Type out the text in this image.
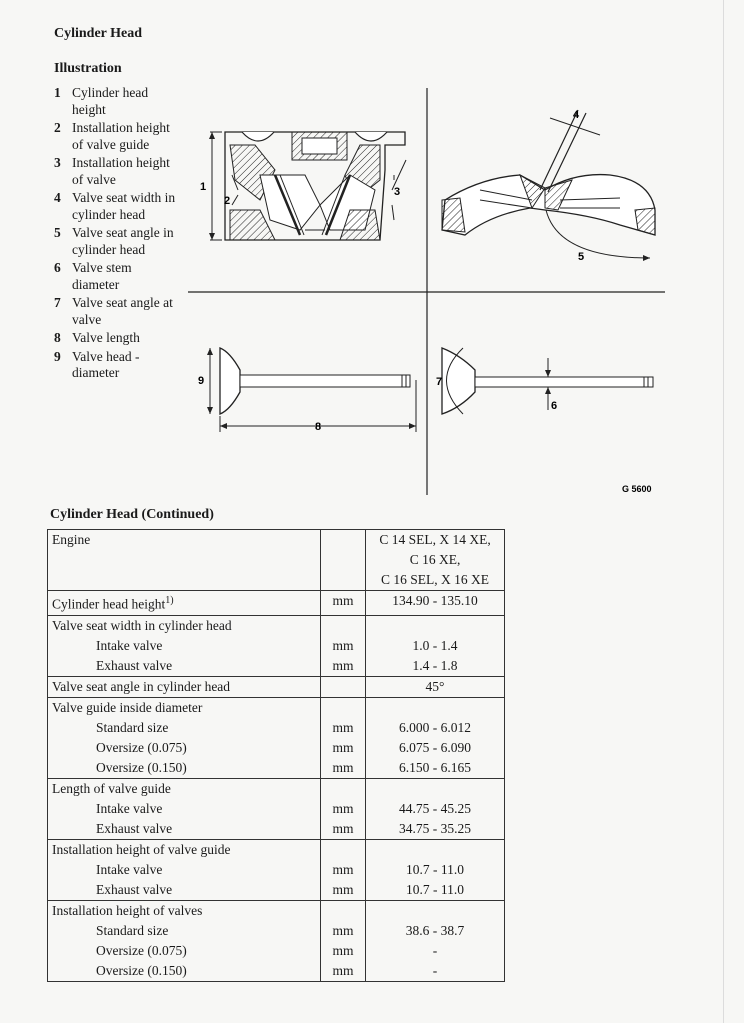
Cylinder Head
Illustration
1 Cylinder head height
2 Installation height of valve guide
3 Installation height of valve
4 Valve seat width in cylinder head
5 Valve seat angle in cylinder head
6 Valve stem diameter
7 Valve seat angle at valve
8 Valve length
9 Valve head - diameter
1
2
3
4
5
9
8
7
6
G 5600
Cylinder Head (Continued)
Engine		C 14 SEL, X 14 XE,
C 16 XE,
C 16 SEL, X 16 XE

Cylinder head height$^{1)}$	mm	134.90 - 135.10
Valve seat width in cylinder head		
Intake valve	mm	1.0 - 1.4
Exhaust valve	mm	1.4 - 1.8
Valve seat angle in cylinder head		45°
Valve guide inside diameter		
Standard size	mm	6.000 - 6.012
Oversize (0.075)	mm	6.075 - 6.090
Oversize (0.150)	mm	6.150 - 6.165
Length of valve guide		
Intake valve	mm	44.75 - 45.25
Exhaust valve	mm	34.75 - 35.25
Installation height of valve guide		
Intake valve	mm	10.7 - 11.0
Exhaust valve	mm	10.7 - 11.0
Installation height of valves		
Standard size	mm	38.6 - 38.7
Oversize (0.075)	mm	-
Oversize (0.150)	mm	-
